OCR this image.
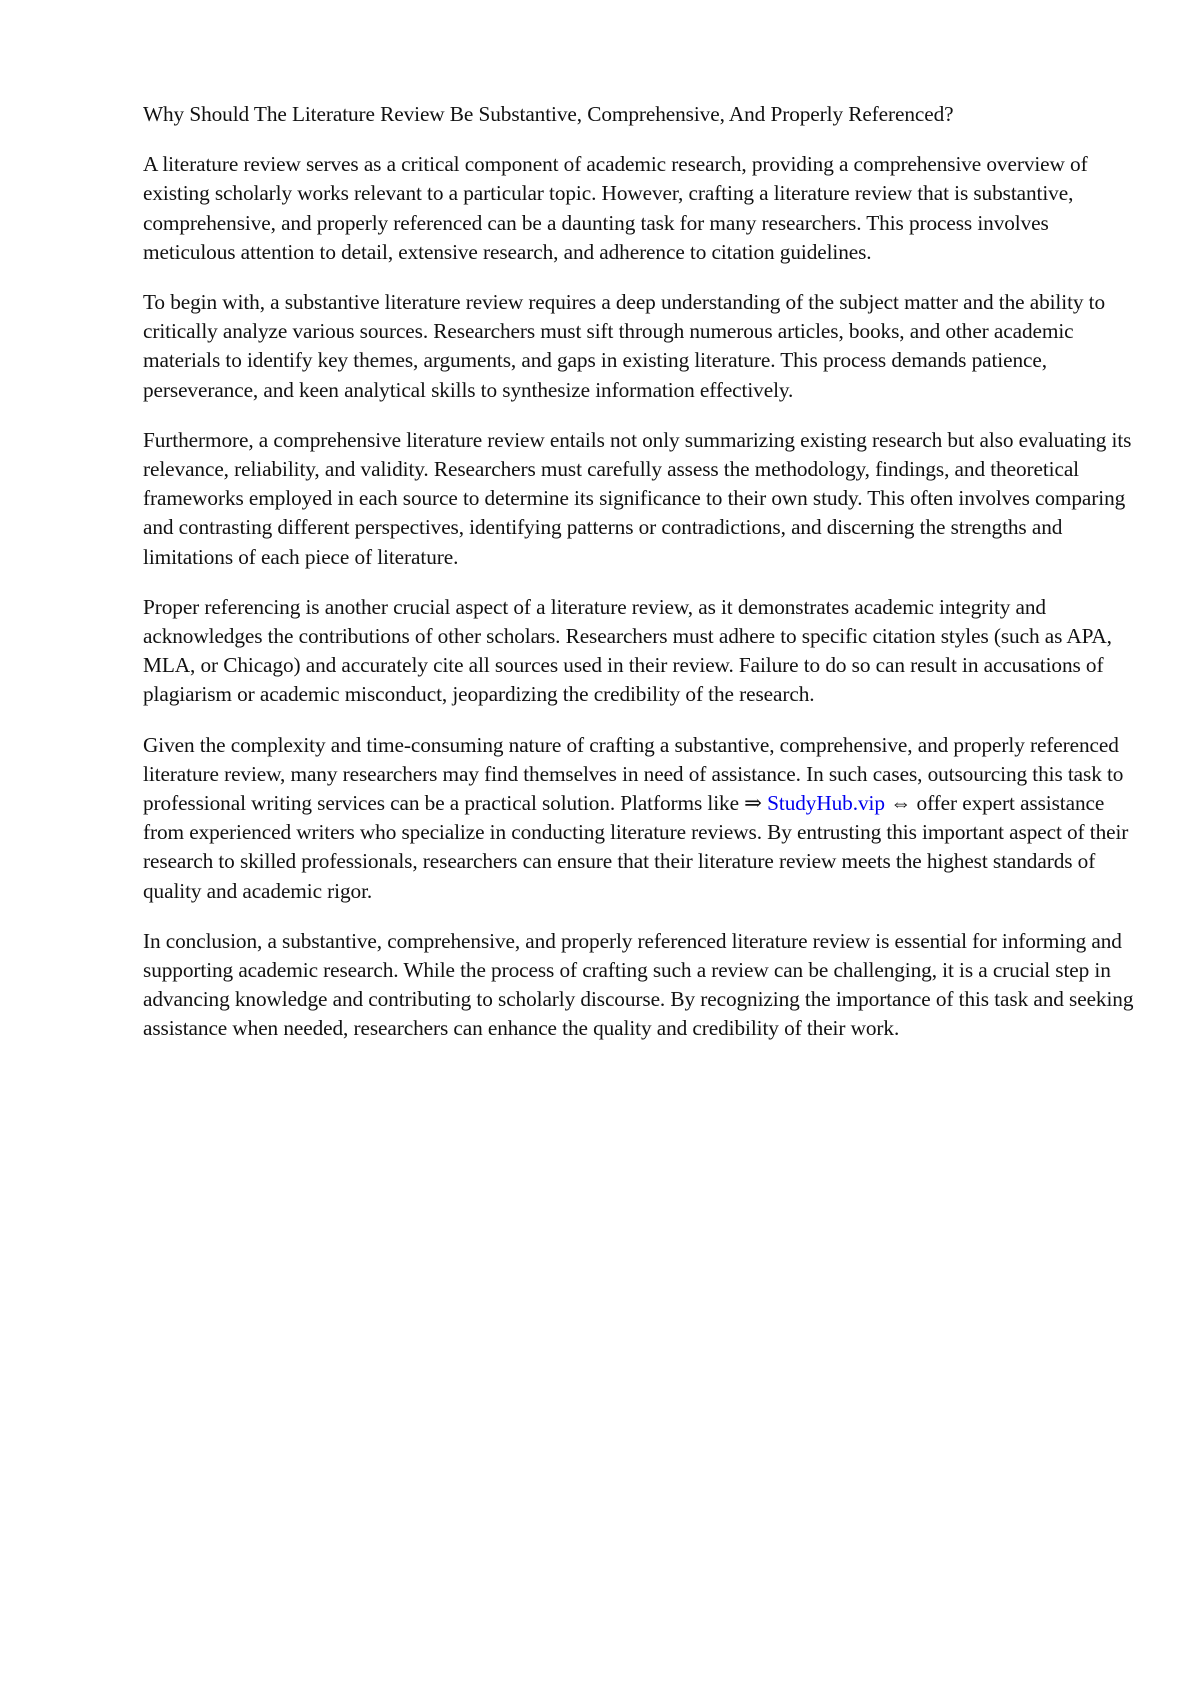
Why Should The Literature Review Be Substantive, Comprehensive, And Properly Referenced?

A literature review serves as a critical component of academic research, providing a comprehensive overview of existing scholarly works relevant to a particular topic. However, crafting a literature review that is substantive, comprehensive, and properly referenced can be a daunting task for many researchers. This process involves meticulous attention to detail, extensive research, and adherence to citation guidelines.

To begin with, a substantive literature review requires a deep understanding of the subject matter and the ability to critically analyze various sources. Researchers must sift through numerous articles, books, and other academic materials to identify key themes, arguments, and gaps in existing literature. This process demands patience, perseverance, and keen analytical skills to synthesize information effectively.

Furthermore, a comprehensive literature review entails not only summarizing existing research but also evaluating its relevance, reliability, and validity. Researchers must carefully assess the methodology, findings, and theoretical frameworks employed in each source to determine its significance to their own study. This often involves comparing and contrasting different perspectives, identifying patterns or contradictions, and discerning the strengths and limitations of each piece of literature.

Proper referencing is another crucial aspect of a literature review, as it demonstrates academic integrity and acknowledges the contributions of other scholars. Researchers must adhere to specific citation styles (such as APA, MLA, or Chicago) and accurately cite all sources used in their review. Failure to do so can result in accusations of plagiarism or academic misconduct, jeopardizing the credibility of the research.

Given the complexity and time-consuming nature of crafting a substantive, comprehensive, and properly referenced literature review, many researchers may find themselves in need of assistance. In such cases, outsourcing this task to professional writing services can be a practical solution. Platforms like ⇒ StudyHub.vip ⇔ offer expert assistance from experienced writers who specialize in conducting literature reviews. By entrusting this important aspect of their research to skilled professionals, researchers can ensure that their literature review meets the highest standards of quality and academic rigor.

In conclusion, a substantive, comprehensive, and properly referenced literature review is essential for informing and supporting academic research. While the process of crafting such a review can be challenging, it is a crucial step in advancing knowledge and contributing to scholarly discourse. By recognizing the importance of this task and seeking assistance when needed, researchers can enhance the quality and credibility of their work.
